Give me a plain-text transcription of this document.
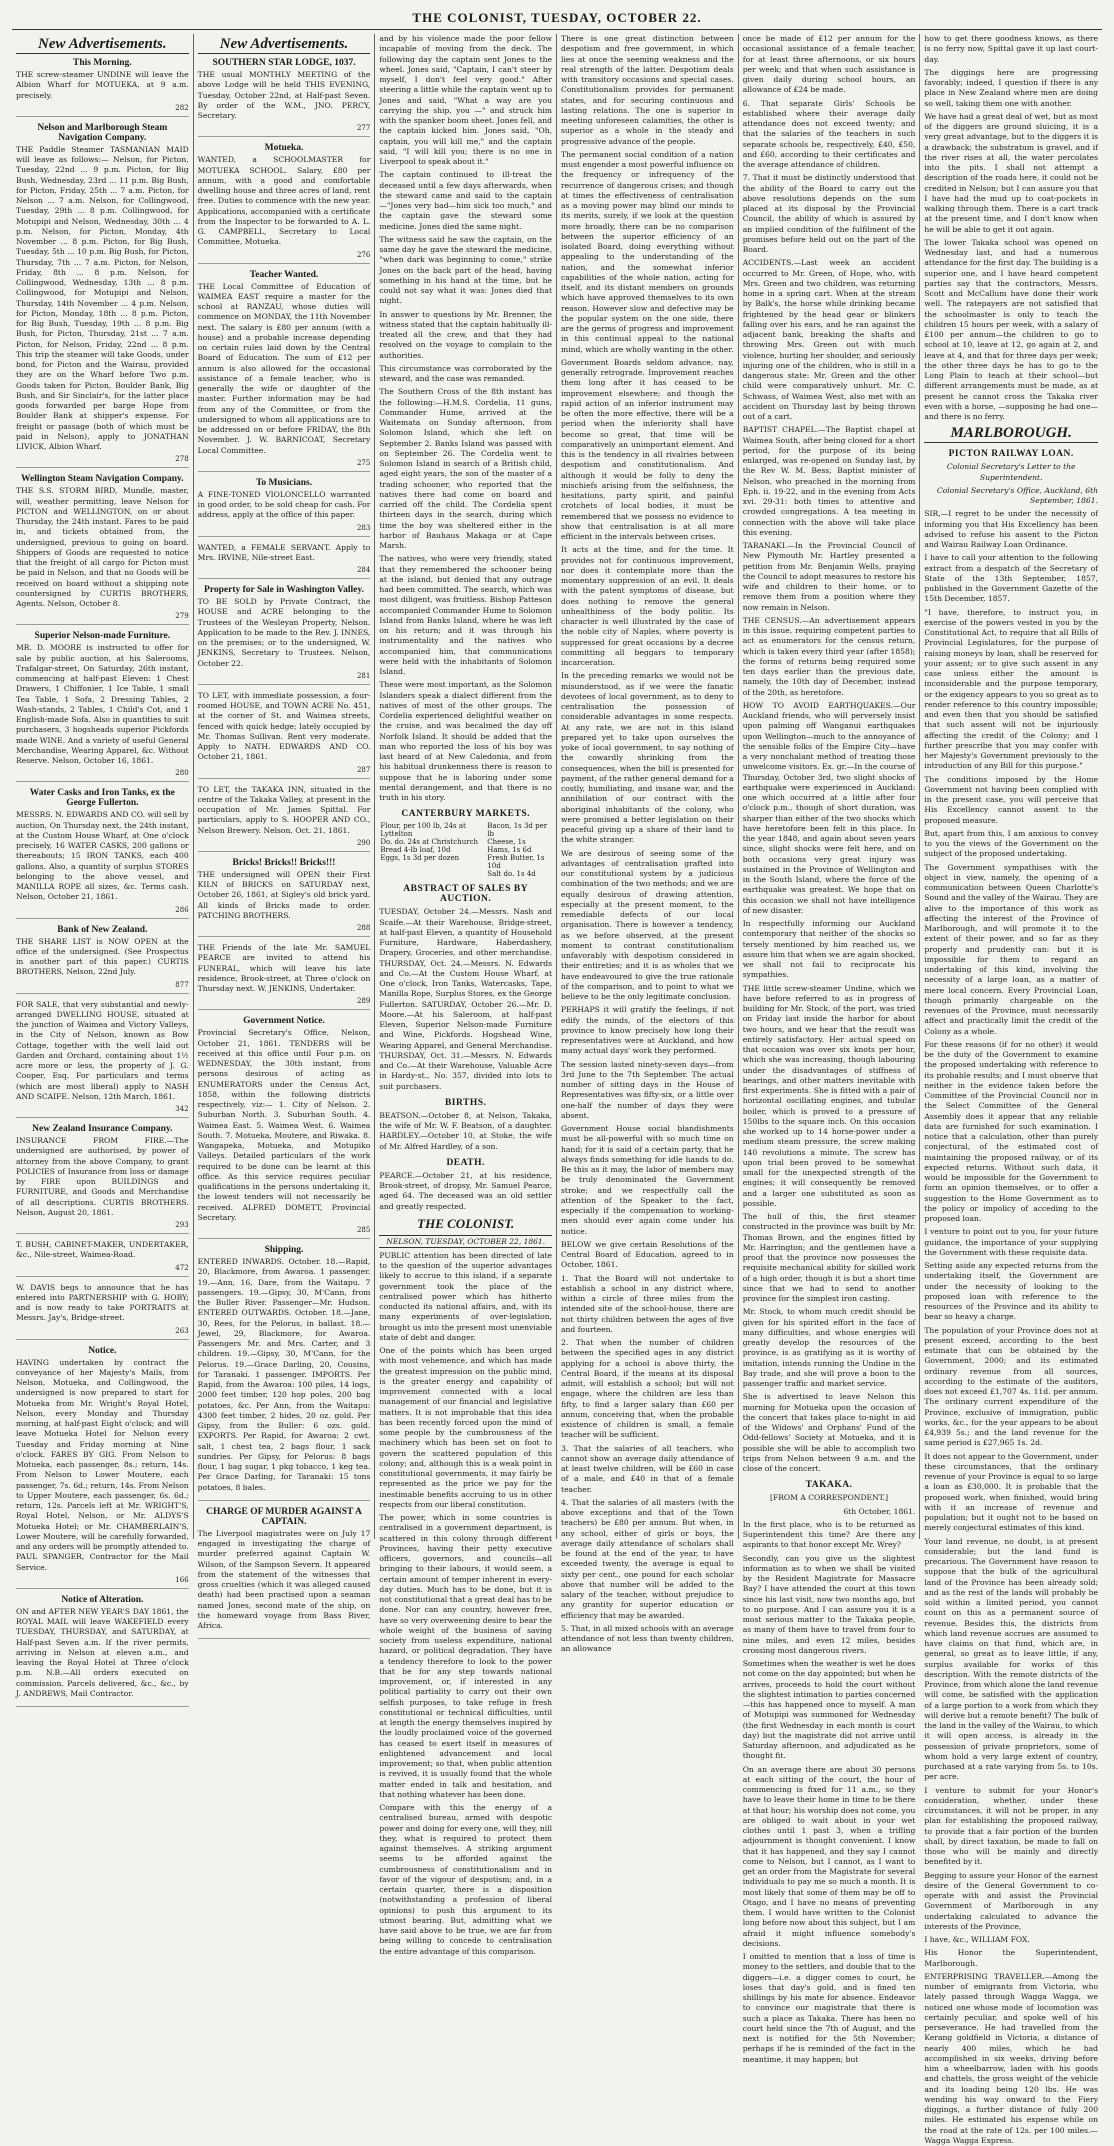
THE COLONIST, TUESDAY, OCTOBER 22.
New Advertisements.
This Morning.

THE screw-steamer UNDINE will leave the Albion Wharf for MOTUEKA, at 9 a.m. precisely.

282
Nelson and Marlborough Steam Navigation Company.

THE Paddle Steamer TASMANIAN MAID will leave as follows:— Nelson, for Picton, Tuesday, 22nd ... 9 p.m. Picton, for Big Bush, Wednesday, 23rd ... 11 p.m. Big Bush, for Picton, Friday, 25th ... 7 a.m. Picton, for Nelson ... 7 a.m. Nelson, for Collingwood, Tuesday, 29th ... 8 p.m. Collingwood, for Motupipi and Nelson, Wednesday, 30th ... 4 p.m. Nelson, for Picton, Monday, 4th November ... 8 p.m. Picton, for Big Bush, Tuesday, 5th ... 10 p.m. Big Bush, for Picton, Thursday, 7th ... 7 a.m. Picton, for Nelson, Friday, 8th ... 8 p.m. Nelson, for Collingwood, Wednesday, 13th ... 8 p.m. Collingwood, for Motupipi and Nelson, Thursday, 14th November ... 4 p.m. Nelson, for Picton, Monday, 18th ... 8 p.m. Picton, for Big Bush, Tuesday, 19th ... 8 p.m. Big Bush, for Picton, Thursday, 21st ... 7 a.m. Picton, for Nelson, Friday, 22nd ... 8 p.m. This trip the steamer will take Goods, under bond, for Picton and the Wairau, provided they are on the Wharf before Two p.m. Goods taken for Picton, Boulder Bank, Big Bush, and Sir Sinclair's, for the latter place goods forwarded per barge Hope from Boulder Bank at shipper's expense. For freight or passage (both of which must be paid in Nelson), apply to JONATHAN LIVICK, Albion Wharf.

278
Wellington Steam Navigation Company.

THE S.S. STORM BIRD, Mundle, master, will, weather permitting, leave Nelson for PICTON and WELLINGTON, on or about Thursday, the 24th instant. Fares to be paid in, and tickets obtained from, the undersigned, previous to going on board. Shippers of Goods are requested to notice that the freight of all cargo for Picton must be paid in Nelson, and that no Goods will be received on board without a shipping note countersigned by CURTIS BROTHERS, Agents. Nelson, October 8.

279
Superior Nelson-made Furniture.

MR. D. MOORE is instructed to offer for sale by public auction, at his Salerooms, Trafalgar-street, On Saturday, 26th instant, commencing at half-past Eleven: 1 Chest Drawers, 1 Chiffonier, 1 Ice Table, 1 small Tea Table, 1 Sofa, 2 Dressing Tables, 2 Wash-stands, 2 Tables, 1 Child's Cot, and 1 English-made Sofa. Also in quantities to suit purchasers, 3 hogsheads superior Pickfords made WINE. And a variety of useful General Merchandise, Wearing Apparel, &c. Without Reserve. Nelson, October 16, 1861.

280
Water Casks and Iron Tanks, ex the George Fullerton.

MESSRS. N. EDWARDS AND CO. will sell by auction, On Thursday next, the 24th instant, at the Custom House Wharf, at One o'clock precisely, 16 WATER CASKS, 200 gallons or thereabouts; 15 IRON TANKS, each 400 gallons. Also, a quantity of surplus STORES belonging to the above vessel, and MANILLA ROPE all sizes, &c. Terms cash. Nelson, October 21, 1861.

286
Bank of New Zealand.

THE SHARE LIST is NOW OPEN at the office of the undersigned. (See Prospectus in another part of this paper.) CURTIS BROTHERS, Nelson, 22nd July.

877

FOR SALE, that very substantial and newly-arranged DWELLING HOUSE, situated at the junction of Waimea and Victory Valleys, in the City of Nelson, known as Bow Cottage, together with the well laid out Garden and Orchard, containing about 1½ acre more or less, the property of J. G. Cooper, Esq. For particulars and terms (which are most liberal) apply to NASH AND SCAIFE. Nelson, 12th March, 1861.

342
New Zealand Insurance Company.

INSURANCE FROM FIRE.—The undersigned are authorised, by power of attorney from the above Company, to grant POLICIES of Insurance from loss or damage by FIRE upon BUILDINGS and FURNITURE, and Goods and Merchandise of all descriptions. CURTIS BROTHERS. Nelson, August 20, 1861.

293

T. BUSH, CABINET-MAKER, UNDERTAKER, &c., Nile-street, Waimea-Road.

472

W. DAVIS begs to announce that he has entered into PARTNERSHIP with G. HOBY; and is now ready to take PORTRAITS at Messrs. Jay's, Bridge-street.

263
Notice.

HAVING undertaken by contract the conveyance of her Majesty's Mails, from Nelson, Motueka, and Collingwood, the undersigned is now prepared to start for Motueka from Mr. Wright's Royal Hotel, Nelson, every Monday and Thursday morning, at half-past Eight o'clock; and will leave Motueka Hotel for Nelson every Tuesday and Friday morning at Nine o'clock. FARES BY GIG. From Nelson to Motueka, each passenger, 8s.; return, 14s. From Nelson to Lower Moutere, each passenger, 7s. 6d.; return, 14s. From Nelson to Upper Moutere, each passenger, 6s. 6d.; return, 12s. Parcels left at Mr. WRIGHT'S, Royal Hotel, Nelson, or Mr. ALDYS'S Motueka Hotel; or Mr. CHAMBERLAIN'S, Lower Moutere, will be carefully forwarded, and any orders will be promptly attended to. PAUL SPANGER, Contractor for the Mail Service.

166
Notice of Alteration.

ON and AFTER NEW YEAR'S DAY 1861, the ROYAL MAIL will leave WAKEFIELD every TUESDAY, THURSDAY, and SATURDAY, at Half-past Seven a.m. If the river permits, arriving in Nelson at eleven a.m., and leaving the Royal Hotel at Three o'clock p.m. N.B.—All orders executed on commission. Parcels delivered, &c., &c., by J. ANDREWS, Mail Contractor.

New Advertisements.
SOUTHERN STAR LODGE, 1037.

THE usual MONTHLY MEETING of the above Lodge will be held THIS EVENING, Tuesday, October 22nd, at Half-past Seven. By order of the W.M., JNO. PERCY, Secretary.

277
Motueka.

WANTED, a SCHOOLMASTER for MOTUEKA SCHOOL. Salary, £80 per annum, with a good and comfortable dwelling house and three acres of land, rent free. Duties to commence with the new year. Applications, accompanied with a certificate from the Inspector to be forwarded to A. L. G. CAMPBELL, Secretary to Local Committee, Motueka.

276
Teacher Wanted.

THE Local Committee of Education of WAIMEA EAST require a master for the school at RANZAU, whose duties will commence on MONDAY, the 11th November next. The salary is £80 per annum (with a house) and a probable increase depending on certain rules laid down by the Central Board of Education. The sum of £12 per annum is also allowed for the occasional assistance of a female teacher, who is generally the wife or daughter of the master. Further information may be had from any of the Committee, or from the undersigned to whom all applications are to be addressed on or before FRIDAY, the 8th November. J. W. BARNICOAT, Secretary Local Committee.

275
To Musicians.

A FINE-TONED VIOLONCELLO warranted in good order, to be sold cheap for cash. For address, apply at the office of this paper.

283

WANTED, a FEMALE SERVANT. Apply to Mrs. IRVINE, Nile-street East.

284
Property for Sale in Washington Valley.

TO BE SOLD by Private Contract, the HOUSE and ACRE belonging to the Trustees of the Wesleyan Property, Nelson. Application to be made to the Rev. J. INNES, on the premises; or to the undersigned, W. JENKINS, Secretary to Trustees. Nelson, October 22.

281

TO LET, with immediate possession, a four-roomed HOUSE, and TOWN ACRE No. 451, at the corner of St. and Waimea streets, fenced with quick hedge; lately occupied by Mr. Thomas Sullivan. Rent very moderate. Apply to NATH. EDWARDS AND CO. October 21, 1861.

287

TO LET, the TAKAKA INN, situated in the centre of the Takaka Valley, at present in the occupation of Mr. James Spittal. For particulars, apply to S. HOOPER AND CO., Nelson Brewery. Nelson, Oct. 21, 1861.

290
Bricks! Bricks!! Bricks!!!

THE undersigned will OPEN their First KILN of BRICKS on SATURDAY next, October 26, 1861, at Sigley's old brick yard. All kinds of Bricks made to order. PATCHING BROTHERS.

288

THE Friends of the late Mr. SAMUEL PEARCE are invited to attend his FUNERAL, which will leave his late residence, Brook-street, at Three o'clock on Thursday next. W. JENKINS, Undertaker.

289
Government Notice.

Provincial Secretary's Office, Nelson, October 21, 1861. TENDERS will be received at this office until Four p.m. on WEDNESDAY, the 30th instant, from persons desirous of acting as ENUMERATORS under the Census Act, 1858, within the following districts respectively, viz:— 1. City of Nelson. 2. Suburban North. 3. Suburban South. 4. Waimea East. 5. Waimea West. 6. Waimea South. 7. Motueka, Moutere, and Riwaka. 8. Wangapeka, Motueka, and Motupiko Valleys. Detailed particulars of the work required to be done can be learnt at this office. As this service requires peculiar qualifications in the persons undertaking it, the lowest tenders will not necessarily be received. ALFRED DOMETT, Provincial Secretary.

285
Shipping.

ENTERED INWARDS. October. 18.—Rapid, 20, Blackmore, from Awaroa. 1 passenger. 19.—Ann, 16, Dare, from the Waitapu. 7 passengers. 19.—Gipsy, 30, M'Cann, from the Buller River. Passenger—Mr. Hudson. ENTERED OUTWARDS. October. 18.—Jane, 30, Rees, for the Pelorus, in ballast. 18.—Jewel, 29, Blackmore, for Awaroa. Passengers Mr. and Mrs. Carter, and 3 children. 19.—Gipsy, 30, M'Cann, for the Pelorus. 19.—Grace Darling, 20, Cousins, for Taranaki. 1 passenger. IMPORTS. Per Rapid, from the Awaroa: 100 piles, 14 logs, 2000 feet timber, 120 hop poles, 200 bag potatoes, &c. Per Ann, from the Waitapu: 4300 feet timber, 2 hides, 20 oz. gold. Per Gipsy, from the Buller: 6 ozs. gold. EXPORTS. Per Rapid, for Awaroa: 2 cwt. salt, 1 chest tea, 2 bags flour, 1 sack sundries. Per Gipsy, for Pelorus: 8 bags flour, 1 bag sugar, 1 pkg tobacco, 1 keg tea. Per Grace Darling, for Taranaki: 15 tons potatoes, 8 bales.

CHARGE OF MURDER AGAINST A CAPTAIN.

The Liverpool magistrates were on July 17 engaged in investigating the charge of murder preferred against Captain W. Wilson, of the Sampson Severn. It appeared from the statement of the witnesses that gross cruelties (which it was alleged caused death) had been practised upon a seaman named Jones, second mate of the ship, on the homeward voyage from Bass River, Africa.

and by his violence made the poor fellow incapable of moving from the deck. The following day the captain sent Jones to the wheel. Jones said, "Captain, I can't steer by myself, I don't feel very good." After steering a little while the captain went up to Jones and said, "What a way are you carrying the ship, you —" and struck him with the spanker boom sheet. Jones fell, and the captain kicked him. Jones said, "Oh, captain, you will kill me," and the captain said, "I will kill you; there is no one in Liverpool to speak about it."

The captain continued to ill-treat the deceased until a few days afterwards, when the steward came and said to the captain—"Jones very bad—him sick too much," and the captain gave the steward some medicine. Jones died the same night.

The witness said he saw the captain, on the same day he gave the steward the medicine, "when dark was beginning to come," strike Jones on the back part of the head, having something in his hand at the time, but he could not say what it was: Jones died that night.

In answer to questions by Mr. Brenner, the witness stated that the captain habitually ill-treated all the crew, and that they had resolved on the voyage to complain to the authorities.

This circumstance was corroborated by the steward, and the case was remanded.

The Southern Cross of the 8th instant has the following:—H.M.S. Cordelia, 11 guns, Commander Hume, arrived at the Waitemata on Sunday afternoon, from Solomon Island, which she left on September 2. Banks Island was passed with on September 26. The Cordelia went to Solomon Island in search of a British child, aged eight years, the son of the master of a trading schooner, who reported that the natives there had come on board and carried off the child. The Cordelia spent thirteen days in the search, during which time the boy was sheltered either in the harbor of Bauhaus Makaga or at Cape Marsh.

The natives, who were very friendly, stated that they remembered the schooner being at the island, but denied that any outrage had been committed. The search, which was most diligent, was fruitless. Bishop Patteson accompanied Commander Hume to Solomon Island from Banks Island, where he was left on his return; and it was through his instrumentality and the natives who accompanied him, that communications were held with the inhabitants of Solomon Island.

These were most important, as the Solomon Islanders speak a dialect different from the natives of most of the other groups. The Cordelia experienced delightful weather on the cruise, and was becalmed the day off Norfolk Island. It should be added that the man who reported the loss of his boy was last heard of at New Caledonia, and from his habitual drunkenness there is reason to suppose that he is laboring under some mental derangement, and that there is no truth in his story.

CANTERBURY MARKETS.
Flour, per 100 lb, 24s at Lyttelton	Bacon, 1s 3d per lb
Do. do. 24s at Christchurch	Cheese, 1s
Bread 4-lb loaf, 10d	Hams, 1s 6d
Eggs, 1s 3d per dozen	Fresh Butter, 1s 10d
	Salt do. 1s 4d
ABSTRACT OF SALES BY AUCTION.

TUESDAY, October 24.—Messrs. Nash and Scaife.—At their Warehouse, Bridge-street, at half-past Eleven, a quantity of Household Furniture, Hardware, Haberdashery, Drapery, Groceries, and other merchandise. THURSDAY, Oct. 24.—Messrs. N. Edwards and Co.—At the Custom House Wharf, at One o'clock, Iron Tanks, Watercasks, Tape, Manilla Rope, Surplus Stores, ex the George Fullerton. SATURDAY, October 26.—Mr. D. Moore.—At his Saleroom, at half-past Eleven, Superior Nelson-made Furniture and Wine, Pickfords. Hogshead Wine, Wearing Apparel, and General Merchandise. THURSDAY, Oct. 31.—Messrs. N. Edwards and Co.—At their Warehouse, Valuable Acre in Hardy-st., No. 357, divided into lots to suit purchasers.

BIRTHS.

BEATSON.—October 8, at Nelson, Takaka, the wife of Mr. W. F. Beatson, of a daughter. HARDLEY.—October 10, at Stoke, the wife of Mr. Alfred Hardley, of a son.

DEATH.

PEARCE.—October 21, at his residence, Brook-street, of dropsy, Mr. Samuel Pearce, aged 64. The deceased was an old settler and greatly respected.

THE COLONIST.
NELSON, TUESDAY, OCTOBER 22, 1861.

PUBLIC attention has been directed of late to the question of the superior advantages likely to accrue to this island, if a separate government took the place of the centralised power which has hitherto conducted its national affairs, and, with its many experiments of over-legislation, brought us into the present most unenviable state of debt and danger.

One of the points which has been urged with most vehemence, and which has made the greatest impression on the public mind, is the greater energy and capability of improvement connected with a local management of our financial and legislative matters. It is not improbable that this idea has been recently forced upon the mind of some people by the cumbrousness of the machinery which has been set on foot to govern the scattered population of this colony; and, although this is a weak point in constitutional governments, it may fairly be represented as the price we pay for the inestimable benefits accruing to us in other respects from our liberal constitution.

The power, which in some countries is centralised in a government department, is scattered in this colony through different Provinces, having their petty executive officers, governors, and councils—all bringing to their labours, it would seem, a certain amount of temper inherent in every-day duties. Much has to be done, but it is not constitutional that a great deal has to be done. Nor can any country, however free, have so very overweening desire to bear the whole weight of the business of saving society from useless expenditure, national hazard, or political degradation. They have a tendency therefore to look to the power that be for any step towards national improvement, or, if interested in any political partiality to carry out their own selfish purposes, to take refuge in fresh constitutional or technical difficulties, until at length the energy themselves inspired by the loudly proclaimed voice of the governed has ceased to exert itself in measures of enlightened advancement and local improvement; so that, when public attention is revived, it is usually found that the whole matter ended in talk and hesitation, and that nothing whatever has been done.

Compare with this the energy of a centralised bureau, armed with despotic power and doing for every one, will they, nill they, what is required to protect them against themselves. A striking argument seems to be afforded against the cumbrousness of constitutionalism and in favor of the vigour of despotism; and, in a certain quarter, there is a disposition (notwithstanding a profession of liberal opinions) to push this argument to its utmost bearing. But, admitting what we have said above to be true, we are far from being willing to concede to centralisation the entire advantage of this comparison.

There is one great distinction between despotism and free government, in which lies at once the seeming weakness and the real strength of the latter. Despotism deals with transitory occasions and special cases. Constitutionalism provides for permanent states, and for securing continuous and lasting relations. The one is superior in meeting unforeseen calamities, the other is superior as a whole in the steady and progressive advance of the people.

The permanent social condition of a nation must engender a most powerful influence on the frequency or infrequency of the recurrence of dangerous crises; and though at times the effectiveness of centralisation as a moving power may blind our minds to its merits, surely, if we look at the question more broadly, there can be no comparison between the superior efficiency of an isolated Board, doing everything without appealing to the understanding of the nation, and the somewhat inferior capabilities of the whole nation, acting for itself, and its distant members on grounds which have approved themselves to its own reason. However slow and defective may be the popular system on the one side, there are the germs of progress and improvement in this continual appeal to the national mind, which are wholly wanting in the other.

Government Boards seldom advance, nay, generally retrograde. Improvement reaches them long after it has ceased to be improvement elsewhere; and though the rapid action of an inferior instrument may be often the more effective, there will be a period when the inferiority shall have become so great, that time will be comparatively an unimportant element. And this is the tendency in all rivalries between despotism and constitutionalism. And although it would be folly to deny the mischiefs arising from the selfishness, the hesitations, party spirit, and painful crotchets of local bodies, it must be remembered that we possess no evidence to show that centralisation is at all more efficient in the intervals between crises.

It acts at the time, and for the time. It provides not for continuous improvement, nor does it contemplate more than the momentary suppression of an evil. It deals with the patent symptoms of disease, but does nothing to remove the general unhealthiness of the body politic. Its character is well illustrated by the case of the noble city of Naples, where poverty is suppressed for great occasions by a decree committing all beggars to temporary incarceration.

In the preceding remarks we would not be misunderstood, as if we were the fanatic devotees of local government, as to deny to centralisation the possession of considerable advantages in some respects. At any rate, we are not in this island prepared yet to take upon ourselves the yoke of local government, to say nothing of the cowardly shrinking from the consequences, when the bill is presented for payment, of the rather general demand for a costly, humiliating, and insane war, and the annihilation of our contract with the aboriginal inhabitants of the colony, who were promised a better legislation on their peaceful giving up a share of their land to the white stranger.

We are desirous of seeing some of the advantages of centralisation grafted into our constitutional system by a judicious combination of the two methods; and we are equally desirous of drawing attention, especially at the present moment, to the remediable defects of our local organisation. There is however a tendency, as we before observed, at the present moment to contrast constitutionalism unfavorably with despotism considered in their entireties; and it is as wholes that we have endeavoured to give the true rationale of the comparison, and to point to what we believe to be the only legitimate conclusion.

PERHAPS it will gratify the feelings, if not edify the minds, of the electors of this province to know precisely how long their representatives were at Auckland, and how many actual days' work they performed.

The session lasted ninety-seven days—from 3rd June to the 7th September. The actual number of sitting days in the House of Representatives was fifty-six, or a little over one-half the number of days they were absent.

Government House social blandishments must be all-powerful with so much time on hand; for it is said of a certain party, that he always finds something for idle hands to do. Be this as it may, the labor of members may be truly denominated the Government stroke; and we respectfully call the attention of the Speaker to the fact, especially if the compensation to working-men should ever again come under his notice.

BELOW we give certain Resolutions of the Central Board of Education, agreed to in October, 1861.

1. That the Board will not undertake to establish a school in any district where, within a circle of three miles from the intended site of the school-house, there are not thirty children between the ages of five and fourteen.

2. That when the number of children between the specified ages in any district applying for a school is above thirty, the Central Board, if the means at its disposal admit, will establish a school; but will not engage, where the children are less than fifty, to find a larger salary than £60 per annum, conceiving that, when the probable existence of children is small, a female teacher will be sufficient.

3. That the salaries of all teachers, who cannot show an average daily attendance of at least twelve children, will be £60 in case of a male, and £40 in that of a female teacher.

4. That the salaries of all masters (with the above exceptions and that of the Town teachers) be £80 per annum. But when, in any school, either of girls or boys, the average daily attendance of scholars shall be found at the end of the year, to have exceeded twenty, the average is equal to sixty per cent., one pound for each scholar above that number will be added to the salary of the teacher, without prejudice to any grantity for superior education or efficiency that may be awarded.

5. That, in all mixed schools with an average attendance of not less than twenty children, an allowance

once be made of £12 per annum for the occasional assistance of a female teacher, for at least three afternoons, or six hours per week; and that when such assistance is given daily during school hours, an allowance of £24 be made.

6. That separate Girls' Schools be established where their average daily attendance does not exceed twenty; and that the salaries of the teachers in such separate schools be, respectively, £40, £50, and £60, according to their certificates and the average attendance of children.

7. That it must be distinctly understood that the ability of the Board to carry out the above resolutions depends on the sum placed at its disposal by the Provincial Council, the ability of which is assured by an implied condition of the fulfilment of the promises before held out on the part of the Board.

ACCIDENTS.—Last week an accident occurred to Mr. Green, of Hope, who, with Mrs. Green and two children, was returning home in a spring cart. When at the stream by Balk's, the horse while drinking became frightened by the head gear or blinkers falling over his ears, and he ran against the adjacent bank, breaking the shafts and throwing Mrs. Green out with much violence, hurting her shoulder, and seriously injuring one of the children, who is still in a dangerous state: Mr. Green and the other child were comparatively unhurt. Mr. C. Schwass, of Waimea West, also met with an accident on Thursday last by being thrown out of a cart.

BAPTIST CHAPEL.—The Baptist chapel at Waimea South, after being closed for a short period, for the purpose of its being enlarged, was re-opened on Sunday last, by the Rev W. M. Bess, Baptist minister of Nelson, who preached in the morning from Eph. ii. 19-22, and in the evening from Acts xvi. 29-31: both times to attentive and crowded congregations. A tea meeting in connection with the above will take place this evening.

TARANAKI.—In the Provincial Council of New Plymouth Mr. Hartley presented a petition from Mr. Benjamin Wells, praying the Council to adopt measures to restore his wife and children to their home, or to remove them from a position where they now remain in Nelson.

THE CENSUS.—An advertisement appears in this issue, requiring competent parties to act as enumerators for the census return, which is taken every third year (after 1858); the forms of returns being required some ten days earlier than the previous date, namely, the 10th day of December, instead of the 20th, as heretofore.

HOW TO AVOID EARTHQUAKES.—Our Auckland friends, who will perversely insist upon palming off Wanganui earthquakes upon Wellington—much to the annoyance of the sensible folks of the Empire City—have a very nonchalant method of treating those unwelcome visitors. Ex. gr.—In the course of Thursday, October 3rd, two slight shocks of earthquake were experienced in Auckland: one which occurred at a little after four o'clock p.m., though of short duration, was sharper than either of the two shocks which have heretofore been felt in this place. In the year 1848, and again about seven years since, slight shocks were felt here, and on both occasions very great injury was sustained in the Province of Wellington and in the South Island, where the force of the earthquake was greatest. We hope that on this occasion we shall not have intelligence of new disaster.

In respectfully informing our Auckland contemporary that neither of the shocks so tersely mentioned by him reached us, we assure him that when we are again shocked, we shall not fail to reciprocate his sympathies.

THE little screw-steamer Undine, which we have before referred to as in progress of building for Mr. Stock, of the port, was tried on Friday last inside the harbor for about two hours, and we hear that the result was entirely satisfactory. Her actual speed on that occasion was over six knots per hour, which she was increasing, though labouring under the disadvantages of stiffness of bearings, and other matters inevitable with first experiments. She is fitted with a pair of horizontal oscillating engines, and tubular boiler, which is proved to a pressure of 150lbs to the square inch. On this occasion she worked up to 14 horse-power under a medium steam pressure, the screw making 140 revolutions a minute. The screw has upon trial been proved to be somewhat small for the unexpected strength of the engines; it will consequently be removed and a larger one substituted as soon as possible.

The hull of this, the first steamer constructed in the province was built by Mr. Thomas Brown, and the engines fitted by Mr. Harrington; and the gentlemen have a proof that the province now possesses the requisite mechanical ability for skilled work of a high order, though it is but a short time since that we had to send to another province for the simplest iron casting.

Mr. Stock, to whom much credit should be given for his spirited effort in the face of many difficulties, and whose energies will greatly develop the resources of the province, is as gratifying as it is worthy of imitation, intends running the Undine in the Bay trade, and she will prove a boon to the passenger traffic and market service.

She is advertised to leave Nelson this morning for Motueka upon the occasion of the concert that takes place to-night in aid of the Widows' and Orphans' Fund of the Odd-fellows' Society at Motueka, and it is possible she will be able to accomplish two trips from Nelson between 9 a.m. and the close of the concert.

TAKAKA.

[FROM A CORRESPONDENT.]

6th October, 1861.

In the first place, who is to be returned as Superintendent this time? Are there any aspirants to that honor except Mr. Wrey?

Secondly, can you give us the slightest information as to when we shall be visited by the Resident Magistrate for Massacre Bay? I have attended the court at this town since his last visit, now two months ago, but to no purpose. And I can assure you it is a most serious matter to the Takaka people, as many of them have to travel from four to nine miles, and even 12 miles, besides crossing most dangerous rivers.

Sometimes when the weather is wet he does not come on the day appointed; but when he arrives, proceeds to hold the court without the slightest intimation to parties concerned—this has happened once to myself. A man of Motupipi was summoned for Wednesday (the first Wednesday in each month is court day) but the magistrate did not arrive until Saturday afternoon, and adjudicated as he thought fit.

On an average there are about 30 persons at each sitting of the court, the hour of commencing is fixed for 11 a.m., so they have to leave their home in time to be there at that hour; his worship does not come, you are obliged to wait about in your wet clothes until 1 past 3, when a trifling adjournment is thought convenient. I know that it has happened, and they say I cannot come to Nelson, but I cannot, as I want to get an order from the Magistrate for several individuals to pay me so much a month. It is most likely that some of them may be off to Otago, and I have no means of preventing them. I would have written to the Colonist long before now about this subject, but I am afraid it might influence somebody's decisions.

I omitted to mention that a loss of time is money to the settlers, and double that to the diggers—i.e. a digger comes to court, he loses that day's gold, and is fined ten shillings by his mate for absence. Endeavor to convince our magistrate that there is such a place as Takaka. There has been no court held since the 7th of August, and the next is notified for the 5th November; perhaps if he is reminded of the fact in the meantime, it may happen; but

how to get there goodness knows, as there is no ferry now, Spittal gave it up last court-day.

The diggings here are progressing favorably; indeed, I question if there is any place in New Zealand where men are doing so well, taking them one with another.

We have had a great deal of wet, but as most of the diggers are ground sluicing, it is a very great advantage, but to the diggers it is a drawback; the substratum is gravel, and if the river rises at all, the water percolates into the pits. I shall not attempt a description of the roads here, it could not be credited in Nelson; but I can assure you that I have had the mud up to coat-pockets in walking through them. There is a cart track at the present time, and I don't know when he will be able to get it out again.

The lower Takaka school was opened on Wednesday last, and had a numerous attendance for the first day. The building is a superior one, and I have heard competent parties say that the contractors, Messrs. Scott and McCallum have done their work well. The ratepayers are not satisfied that the schoolmaster is only to teach the children 15 hours per week, with a salary of £100 per annum—the children to go to school at 10, leave at 12, go again at 2, and leave at 4, and that for three days per week; the other three days he has to go to the Long Plain to teach at their school—but different arrangements must be made, as at present he cannot cross the Takaka river even with a horse, —supposing he had one—and there is no ferry.

MARLBOROUGH.
PICTON RAILWAY LOAN.

Colonial Secretary's Letter to the Superintendent.

Colonial Secretary's Office, Auckland, 6th September, 1861.

SIR,—I regret to be under the necessity of informing you that His Excellency has been advised to refuse his assent to the Picton and Wairau Railway Loan Ordinance.

I have to call your attention to the following extract from a despatch of the Secretary of State of the 13th September, 1857, published in the Government Gazette of the 15th December, 1857.

"I have, therefore, to instruct you, in exercise of the powers vested in you by the Constitutional Act, to require that all Bills of Provincial Legislatures, for the purpose of raising moneys by loan, shall be reserved for your assent; or to give such assent in any case unless either the amount is inconsiderable and the purpose temporary, or the exigency appears to you so great as to render reference to this country impossible; and even then that you should be satisfied that such assent will not be injuriously affecting the credit of the Colony; and I further prescribe that you may confer with her Majesty's Government previously to the introduction of any Bill for this purpose."

The conditions imposed by the Home Government not having been complied with in the present case, you will perceive that His Excellency cannot assent to the proposed measure.

But, apart from this, I am anxious to convey to you the views of the Government on the subject of the proposed undertaking.

The Government sympathises with the object in view, namely, the opening of a communication between Queen Charlotte's Sound and the valley of the Wairau. They are alive to the importance of this work as affecting the interest of the Province of Marlborough, and will promote it to the extent of their power, and so far as they properly and prudently can: but it is impossible for them to regard an undertaking of this kind, involving the necessity of a large loan, as a matter of mere local concern. Every Provincial Loan, though primarily chargeable on the revenues of the Province, must necessarily affect and practically limit the credit of the Colony as a whole.

For these reasons (if for no other) it would be the duty of the Government to examine the proposed undertaking with reference to its probable results; and I must observe that neither in the evidence taken before the Committee of the Provincial Council nor in the Select Committee of the General Assembly does it appear that any reliable data are furnished for such examination. I notice that a calculation, other than purely conjectural, of the estimated cost of maintaining the proposed railway, or of its expected returns. Without such data, it would be impossible for the Government to form an opinion themselves, or to offer a suggestion to the Home Government as to the policy or impolicy of acceding to the proposed loan.

I venture to point out to you, for your future guidance, the importance of your supplying the Government with these requisite data.

Setting aside any expected returns from the undertaking itself, the Government are under the necessity of looking to the proposed loan with reference to the resources of the Province and its ability to bear so heavy a charge.

The population of your Province does not at present exceed, according to the best estimate that can be obtained by the Government, 2000; and its estimated ordinary revenue from all sources, according to the estimate of the auditors, does not exceed £1,707 4s. 11d. per annum. The ordinary current expenditure of the Province, exclusive of immigration, public works, &c., for the year appears to be about £4,939 5s.; and the land revenue for the same period is £27,965 1s. 2d.

It does not appear to the Government, under these circumstances, that the ordinary revenue of your Province is equal to so large a loan as £30,000. It is probable that the proposed work, when finished, would bring with it an increase of revenue and population; but it ought not to be based on merely conjectural estimates of this kind.

Your land revenue, no doubt, is at present considerable; but the land fund is precarious. The Government have reason to suppose that the bulk of the agricultural land of the Province has been already sold; and as the rest of the lands will probably be sold within a limited period, you cannot count on this as a permanent source of revenue. Besides this, the districts from which land revenue accrues are assumed to have claims on that fund, which are, in general, so great as to leave little, if any, surplus available for works of this description. With the remote districts of the Province, from which alone the land revenue will come, be satisfied with the application of a large portion to a work from which they will derive but a remote benefit? The bulk of the land in the valley of the Wairau, to which it will open access, is already in the possession of private proprietors, some of whom hold a very large extent of country, purchased at a rate varying from 5s. to 10s. per acre.

I venture to submit for your Honor's consideration, whether, under these circumstances, it will not be proper, in any plan for establishing the proposed railway, to provide that a fair portion of the burden shall, by direct taxation, be made to fall on those who will be mainly and directly benefited by it.

Begging to assure your Honor of the earnest desire of the General Government to co-operate with and assist the Provincial Government of Marlborough in any undertaking calculated to advance the interests of the Province,

I have, &c., WILLIAM FOX.

His Honor the Superintendent, Marlborough.

ENTERPRISING TRAVELLER.—Among the number of emigrants from Victoria, who lately passed through Wagga Wagga, we noticed one whose mode of locomotion was certainly peculiar, and spoke well of his perseverance. He had travelled from the Kerang goldfield in Victoria, a distance of nearly 400 miles, which he had accomplished in six weeks, driving before him a wheelbarrow, laden with his goods and chattels, the gross weight of the vehicle and its loading being 120 lbs. He was wending his way onward to the Fiery diggings, a further distance of fully 200 miles. He estimated his expense while on the road at the rate of 12s. per 100 miles.—Wagga Wagga Express.
